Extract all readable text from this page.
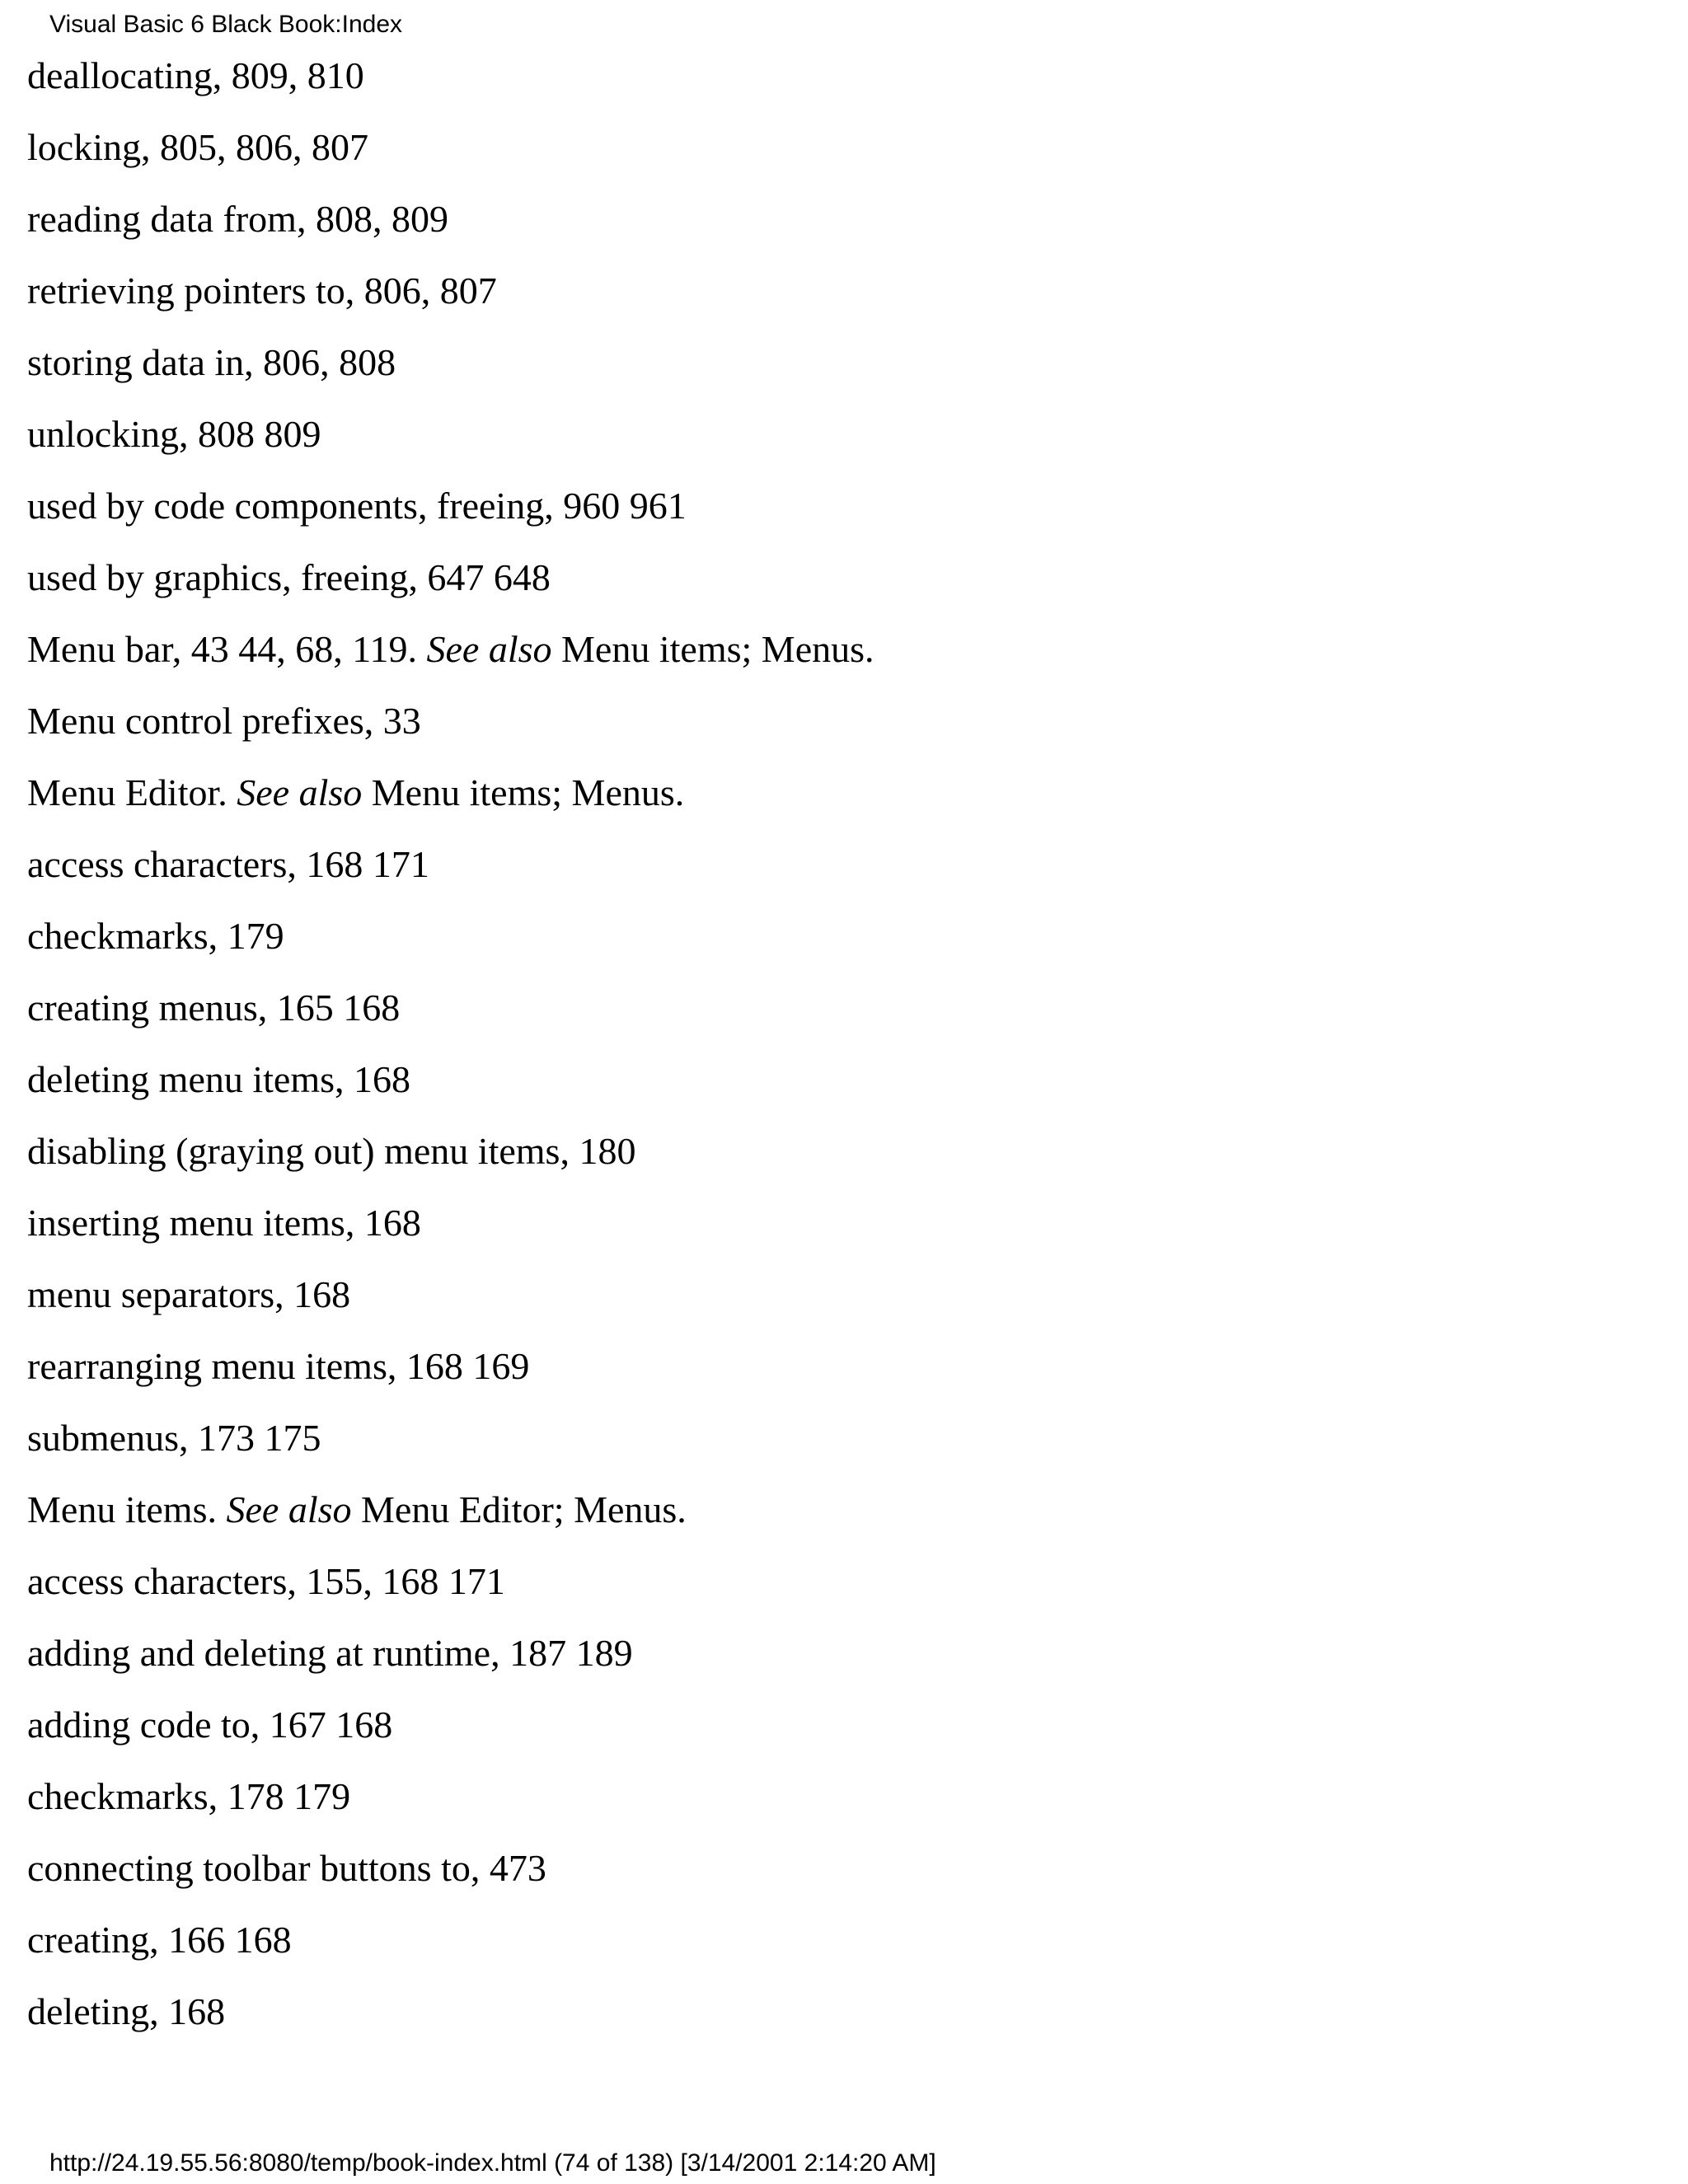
Visual Basic 6 Black Book:Index
deallocating, 809, 810
locking, 805, 806, 807
reading data from, 808, 809
retrieving pointers to, 806, 807
storing data in, 806, 808
unlocking, 808 809
used by code components, freeing, 960 961
used by graphics, freeing, 647 648
Menu bar, 43 44, 68, 119. See also Menu items; Menus.
Menu control prefixes, 33
Menu Editor. See also Menu items; Menus.
access characters, 168 171
checkmarks, 179
creating menus, 165 168
deleting menu items, 168
disabling (graying out) menu items, 180
inserting menu items, 168
menu separators, 168
rearranging menu items, 168 169
submenus, 173 175
Menu items. See also Menu Editor; Menus.
access characters, 155, 168 171
adding and deleting at runtime, 187 189
adding code to, 167 168
checkmarks, 178 179
connecting toolbar buttons to, 473
creating, 166 168
deleting, 168
http://24.19.55.56:8080/temp/book-index.html (74 of 138) [3/14/2001 2:14:20 AM]
